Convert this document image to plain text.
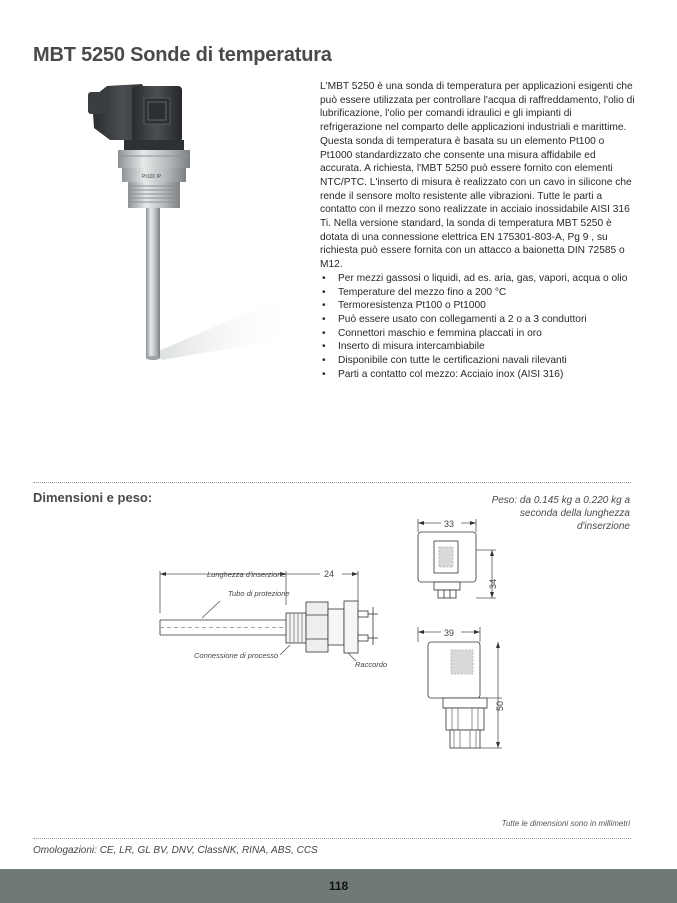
MBT 5250 Sonde di temperatura
Pt100 IP

L'MBT 5250 è una sonda di temperatura per applicazioni esigenti che può essere utilizzata per controllare l'acqua di raffreddamento, l'olio di lubrificazione, l'olio per comandi idraulici e gli impianti di refrigerazione nel comparto delle applicazioni industriali e marittime. Questa sonda di temperatura è basata su un elemento Pt100 o Pt1000 standardizzato che consente una misura affidabile ed accurata. A richiesta, l'MBT 5250 può essere fornito con elementi NTC/PTC. L'inserto di misura è realizzato con un cavo in silicone che rende il sensore molto resistente alle vibrazioni. Tutte le parti a contatto con il mezzo sono realizzate in acciaio inossidabile AISI 316 Ti. Nella versione standard, la sonda di temperatura MBT 5250 è dotata di una connessione elettrica EN 175301-803-A, Pg 9 , su richiesta può essere fornita con un attacco a baionetta DIN 72585 o M12.

• Per mezzi gassosi o liquidi, ad es. aria, gas, vapori, acqua o olio
• Temperature del mezzo fino a 200 °C
• Termoresistenza Pt100 o Pt1000
• Può essere usato con collegamenti a 2 o a 3 conduttori
• Connettori maschio e femmina placcati in oro
• Inserto di misura intercambiabile
• Disponibile con tutte le certificazioni navali rilevanti
• Parti a contatto col mezzo: Acciaio inox (AISI 316)
Dimensioni e peso:	Peso: da 0.145 kg a 0.220 kg a seconda della lunghezza d'inserzione
Lunghezza d'inserzione	24
Tubo di protezione
Connessione di processo
Raccordo
33
34
39
50
Tutte le dimensioni sono in millimetri
Omologazioni: CE, LR, GL BV, DNV, ClassNK, RINA, ABS, CCS
118
